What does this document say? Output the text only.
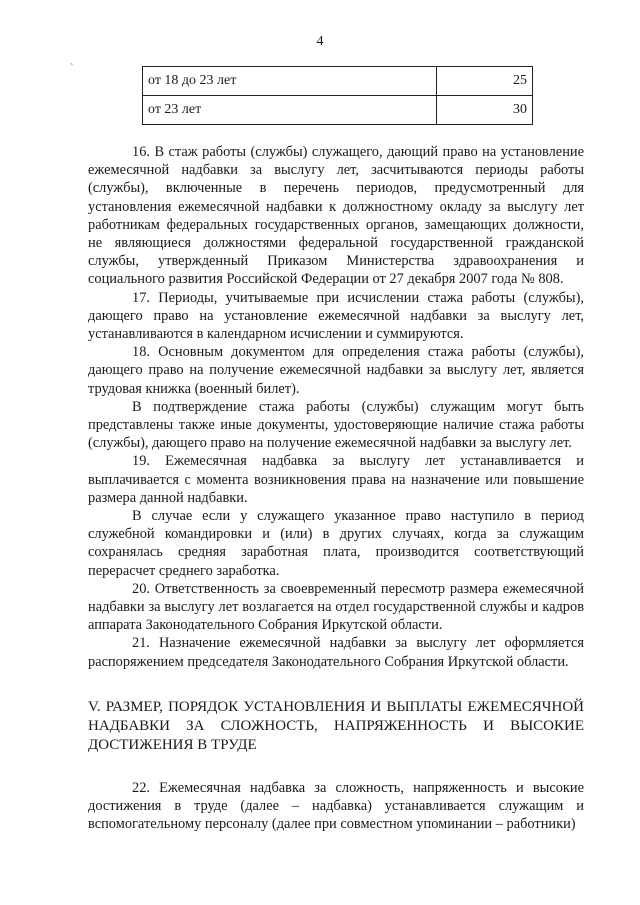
4
`
от 18 до 23 лет	25
от 23 лет	30

16. В стаж работы (службы) служащего, дающий право на установление ежемесячной надбавки за выслугу лет, засчитываются периоды работы (службы), включенные в перечень периодов, предусмотренный для установления ежемесячной надбавки к должностному окладу за выслугу лет работникам федеральных государственных органов, замещающих должности, не являющиеся должностями федеральной государственной гражданской службы, утвержденный Приказом Министерства здравоохранения и социального развития Российской Федерации от 27 декабря 2007 года № 808.

17. Периоды, учитываемые при исчислении стажа работы (службы), дающего право на установление ежемесячной надбавки за выслугу лет, устанавливаются в календарном исчислении и суммируются.

18. Основным документом для определения стажа работы (службы), дающего право на получение ежемесячной надбавки за выслугу лет, является трудовая книжка (военный билет).

В подтверждение стажа работы (службы) служащим могут быть представлены также иные документы, удостоверяющие наличие стажа работы (службы), дающего право на получение ежемесячной надбавки за выслугу лет.

19. Ежемесячная надбавка за выслугу лет устанавливается и выплачивается с момента возникновения права на назначение или повышение размера данной надбавки.

В случае если у служащего указанное право наступило в период служебной командировки и (или) в других случаях, когда за служащим сохранялась средняя заработная плата, производится соответствующий перерасчет среднего заработка.

20. Ответственность за своевременный пересмотр размера ежемесячной надбавки за выслугу лет возлагается на отдел государственной службы и кадров аппарата Законодательного Собрания Иркутской области.

21. Назначение ежемесячной надбавки за выслугу лет оформляется распоряжением председателя Законодательного Собрания Иркутской области.

V. РАЗМЕР, ПОРЯДОК УСТАНОВЛЕНИЯ И ВЫПЛАТЫ ЕЖЕМЕСЯЧНОЙ НАДБАВКИ ЗА СЛОЖНОСТЬ, НАПРЯЖЕННОСТЬ И ВЫСОКИЕ ДОСТИЖЕНИЯ В ТРУДЕ

22. Ежемесячная надбавка за сложность, напряженность и высокие достижения в труде (далее – надбавка) устанавливается служащим и вспомогательному персоналу (далее при совместном упоминании – работники)
